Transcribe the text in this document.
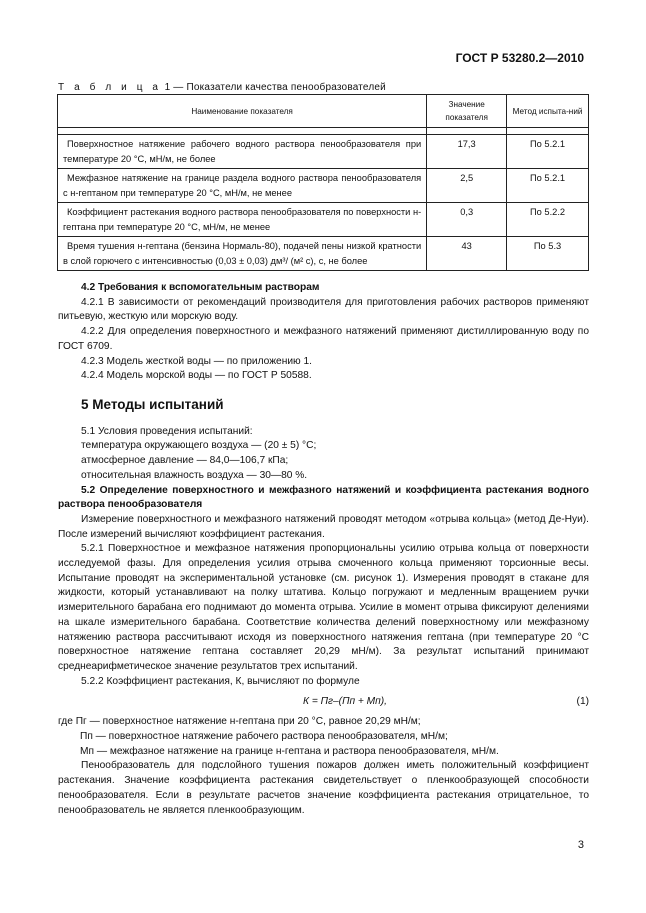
ГОСТ Р 53280.2—2010
Т а б л и ц а 1 — Показатели качества пенообразователей
Наименование показателя	Значение показателя	Метод испыта-ний

Поверхностное натяжение рабочего водного раствора пенообразователя при температуре 20 °С, мН/м, не более	17,3	По 5.2.1
Межфазное натяжение на границе раздела водного раствора пенообразователя с н-гептаном при температуре 20 °С, мН/м, не менее	2,5	По 5.2.1
Коэффициент растекания водного раствора пенообразователя по поверхности н-гептана при температуре 20 °С, мН/м, не менее	0,3	По 5.2.2
Время тушения н-гептана (бензина Нормаль-80), подачей пены низкой кратности в слой горючего с интенсивностью (0,03 ± 0,03) дм³/ (м² с), с, не более	43	По 5.3

4.2 Требования к вспомогательным растворам

4.2.1 В зависимости от рекомендаций производителя для приготовления рабочих растворов применяют питьевую, жесткую или морскую воду.

4.2.2 Для определения поверхностного и межфазного натяжений применяют дистиллированную воду по ГОСТ 6709.

4.2.3 Модель жесткой воды — по приложению 1.

4.2.4 Модель морской воды — по ГОСТ Р 50588.

5 Методы испытаний

5.1 Условия проведения испытаний:

температура окружающего воздуха — (20 ± 5) °С;

атмосферное давление — 84,0—106,7 кПа;

относительная влажность воздуха — 30—80 %.

5.2 Определение поверхностного и межфазного натяжений и коэффициента растекания водного раствора пенообразователя

Измерение поверхностного и межфазного натяжений проводят методом «отрыва кольца» (метод Де-Нуи). После измерений вычисляют коэффициент растекания.

5.2.1 Поверхностное и межфазное натяжения пропорциональны усилию отрыва кольца от поверхности исследуемой фазы. Для определения усилия отрыва смоченного кольца применяют торсионные весы. Испытание проводят на экспериментальной установке (см. рисунок 1). Измерения проводят в стакане для жидкости, который устанавливают на полку штатива. Кольцо погружают и медленным вращением ручки измерительного барабана его поднимают до момента отрыва. Усилие в момент отрыва фиксируют делениями на шкале измерительного барабана. Соответствие количества делений поверхностному или межфазному натяжению раствора рассчитывают исходя из поверхностного натяжения гептана (при температуре 20 °С поверхностное натяжение гептана составляет 20,29 мН/м). За результат испытаний принимают среднеарифметическое значение результатов трех испытаний.

5.2.2 Коэффициент растекания, К, вычисляют по формуле

К = Пг–(Пп + Мп),	(1)

где Пг — поверхностное натяжение н-гептана при 20 °С, равное 20,29 мН/м;

Пп — поверхностное натяжение рабочего раствора пенообразователя, мН/м;

Мп — межфазное натяжение на границе н-гептана и раствора пенообразователя, мН/м.

Пенообразователь для подслойного тушения пожаров должен иметь положительный коэффициент растекания. Значение коэффициента растекания свидетельствует о пленкообразующей способности пенообразователя. Если в результате расчетов значение коэффициента растекания отрицательное, то пенообразователь не является пленкообразующим.

3
